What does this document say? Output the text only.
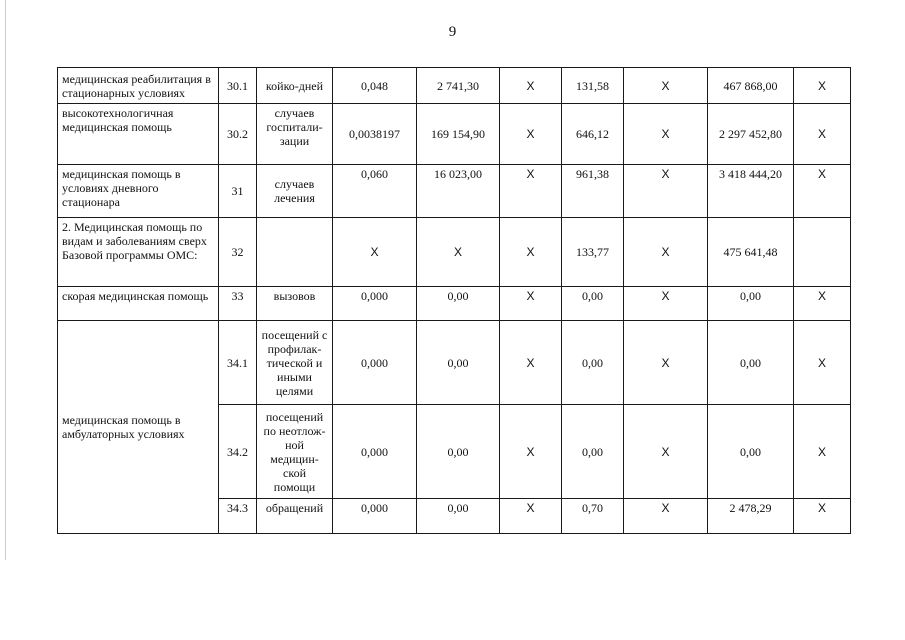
9
медицинская реабилитация в стационарных условиях	30.1	койко-дней	0,048	2 741,30	X	131,58	X	467 868,00	X
высокотехнологичная медицинская помощь	30.2	случаев госпитали-зации	0,0038197	169 154,90	X	646,12	X	2 297 452,80	X
медицинская помощь в условиях дневного стационара	31	случаев лечения	0,060	16 023,00	X	961,38	X	3 418 444,20	X
2. Медицинская помощь по видам и заболеваниям сверх Базовой программы ОМС:	32		X	X	X	133,77	X	475 641,48	
скорая медицинская помощь	33	вызовов	0,000	0,00	X	0,00	X	0,00	X
медицинская помощь в амбулаторных условиях	34.1	посещений с профилак-тической и иными целями	0,000	0,00	X	0,00	X	0,00	X
	34.2	посещений по неотлож-ной медицин-ской помощи	0,000	0,00	X	0,00	X	0,00	X
	34.3	обращений	0,000	0,00	X	0,70	X	2 478,29	X
